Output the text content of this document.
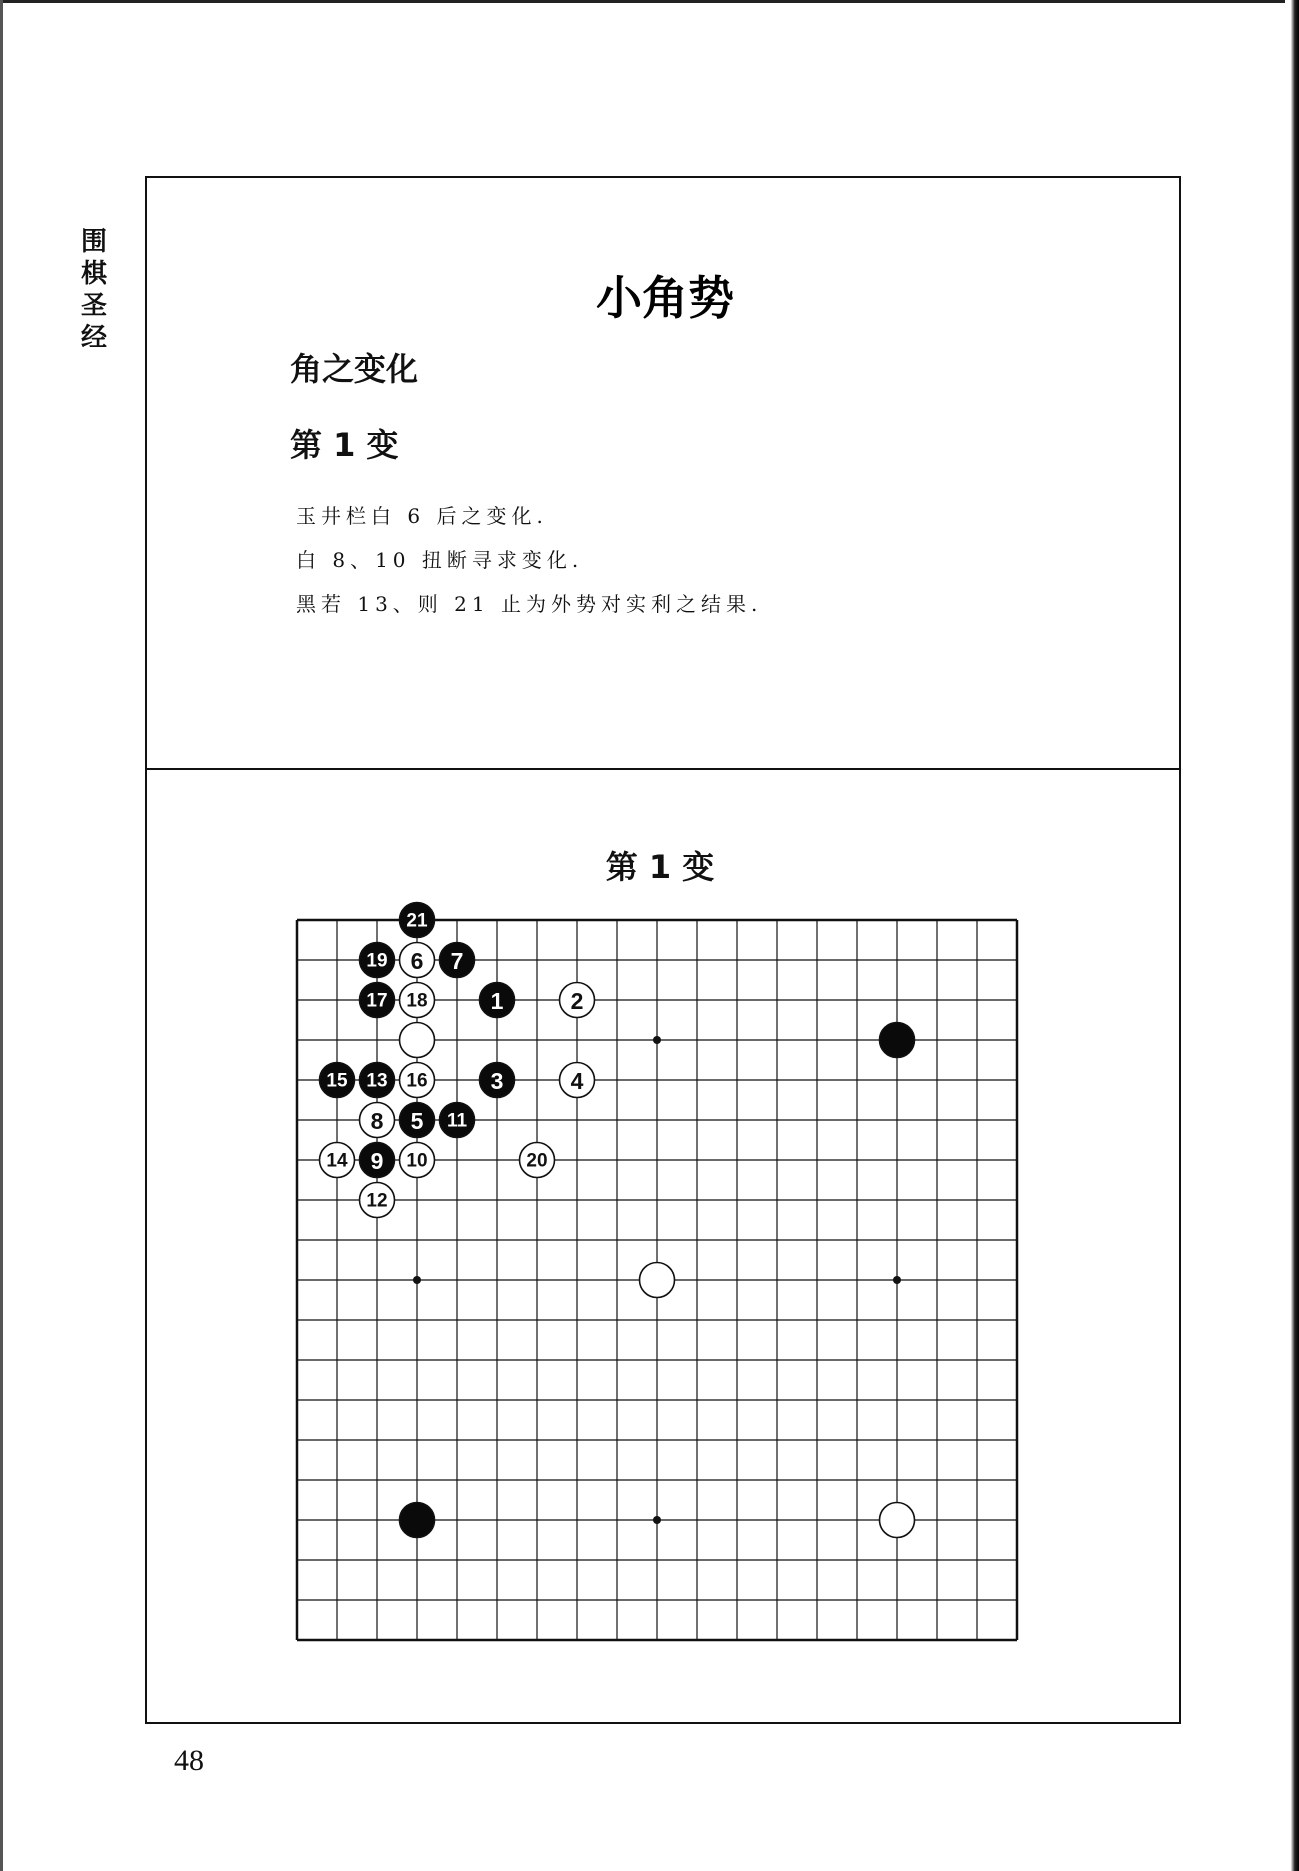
围
棋
圣
经
小角势
角之变化
第 1 变
玉井栏白 6 后之变化.
白 8、10 扭断寻求变化.
黑若 13、则 21 止为外势对实利之结果.
第 1 变
21
19 6 7
17 18	1	2
15 13 16	3	4
8 5 11
14 9 10	20
12
48
